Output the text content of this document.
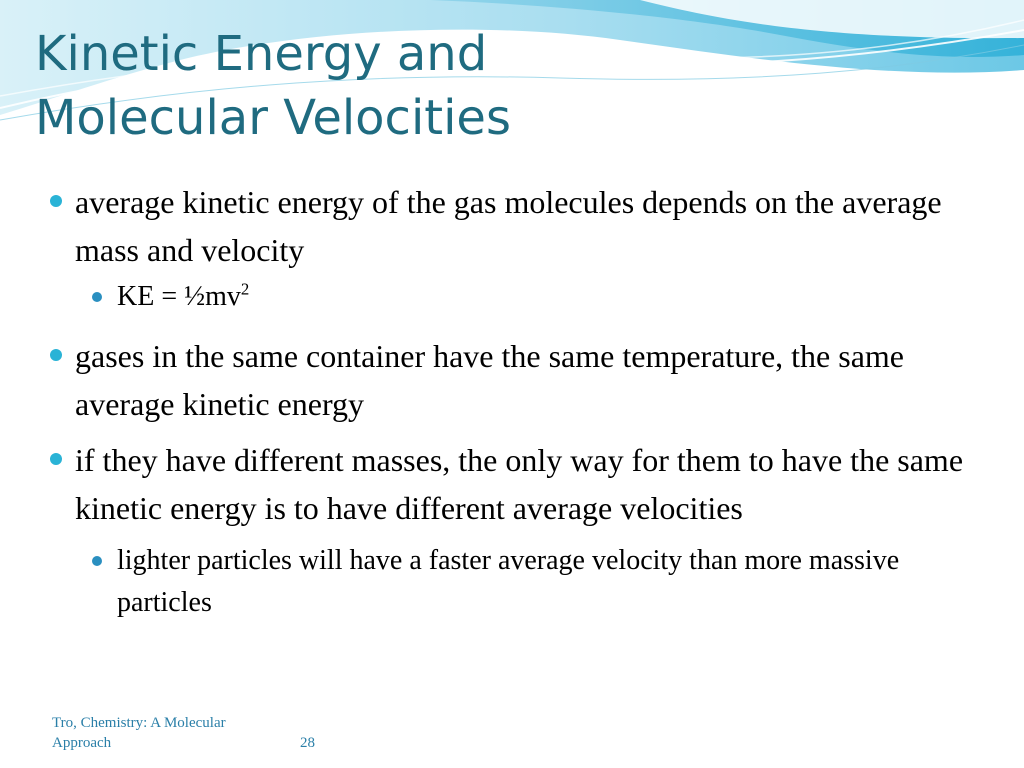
Kinetic Energy and
Molecular Velocities
average kinetic energy of the gas molecules depends on the average mass and velocity
KE = $\frac{1}{2}mv^2$
gases in the same container have the same temperature, the same average kinetic energy
if they have different masses, the only way for them to have the same kinetic energy is to have different average velocities
lighter particles will have a faster average velocity than more massive particles
Tro, Chemistry: A Molecular Approach	28
